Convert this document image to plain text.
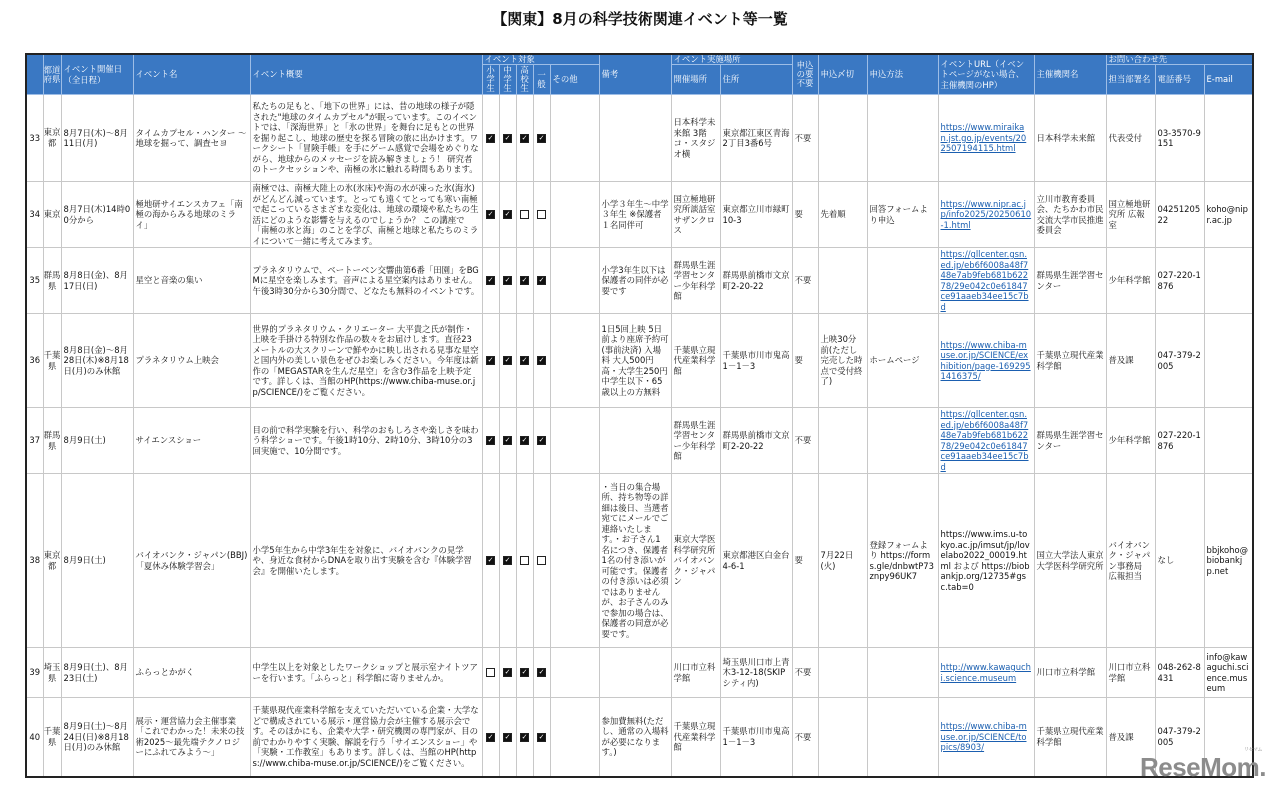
【関東】8月の科学技術関連イベント等一覧
	都道府県	イベント開催日（全日程）	イベント名	イベント概要	イベント対象					備考	イベント実施場所		申込の要不要	申込〆切	申込方法	イベントURL（イベントページがない場合、主催機関のHP）	主催機関名	お問い合わせ先		
					小学生	中学生	高校生	一般	その他		開催場所	住所						担当部署名	電話番号	E-mail
33	東京都	8月7日(木)～8月11日(月)	タイムカプセル・ハンター ～地球を掘って、調査セヨ	私たちの足もと、「地下の世界」には、昔の地球の様子が隠された"地球のタイムカプセル"が眠っています。このイベントでは、「深海世界」と「氷の世界」を舞台に足もとの世界を掘り起こし、地球の歴史を探る冒険の旅に出かけます。ワークシート「冒険手帳」を手にゲーム感覚で会場をめぐりながら、地球からのメッセージを読み解きましょう！ 研究者のトークセッションや、南極の氷に触れる時間もあります。	✓	✓	✓	✓			日本科学未来館 3階 コ・スタジオ横	東京都江東区青海2丁目3番6号	不要			https://www.miraikan.jst.go.jp/events/202507194115.html	日本科学未来館	代表受付	03-3570-9151	
34	東京	8月7日(木)14時00分から	極地研サイエンスカフェ「南極の海からみる地球のミライ」	南極では、南極大陸上の氷(氷床)や海の水が凍った氷(海氷)がどんどん減っています。とっても遠くてとっても寒い南極で起こっているさまざまな変化は、地球の環境や私たちの生活にどのような影響を与えるのでしょうか？ この講座で「南極の氷と海」のことを学び、南極と地球と私たちのミライについて一緒に考えてみます。	✓	✓				小学３年生～中学３年生 ※保護者１名同伴可	国立極地研究所談話室 サザンクロス	東京都立川市緑町10-3	要	先着順	回答フォームより申込	https://www.nipr.ac.jp/info2025/20250610-1.html	立川市教育委員会、たちかわ市民交流大学市民推進委員会	国立極地研究所 広報室	0425120522	koho@nipr.ac.jp
35	群馬県	8月8日(金)、8月17日(日)	星空と音楽の集い	プラネタリウムで、ベートーベン交響曲第6番「田園」をBGMに星空を楽しみます。音声による星空案内はありません。午後3時30分から30分間で、どなたも無料のイベントです。	✓	✓	✓	✓		小学3年生以下は保護者の同伴が必要です	群馬県生涯学習センター少年科学館	群馬県前橋市文京町2-20-22	不要			https://gllcenter.gsn.ed.jp/eb6f6008a48f748e7ab9feb681b62278/29e042c0e61847ce91aaeb34ee15c7bd	群馬県生涯学習センター	少年科学館	027-220-1876	
36	千葉県	8月8日(金)～8月28日(木)※8月18日(月)のみ休館	プラネタリウム上映会	世界的プラネタリウム・クリエーター 大平貴之氏が制作・上映を手掛ける特別な作品の数々をお届けします。直径23メートルの大スクリーンで鮮やかに映し出される見事な星空と国内外の美しい景色をぜひお楽しみください。今年度は新作の「MEGASTARを生んだ星空」を含む3作品を上映予定です。詳しくは、当館のHP(https://www.chiba-muse.or.jp/SCIENCE/)をご覧ください。	✓	✓	✓	✓		1日5回上映 5日前より座席予約可(事前決済) 入場料 大人500円 高・大学生250円 中学生以下・65歳以上の方無料	千葉県立現代産業科学館	千葉県市川市鬼高1－1－3	要	上映30分前(ただし完売した時点で受付終了)	ホームページ	https://www.chiba-muse.or.jp/SCIENCE/exhibition/page-1692951416375/	千葉県立現代産業科学館	普及課	047-379-2005	
37	群馬県	8月9日(土)	サイエンスショー	目の前で科学実験を行い、科学のおもしろさや楽しさを味わう科学ショーです。午後1時10分、2時10分、3時10分の3回実施で、10分間です。	✓	✓	✓	✓			群馬県生涯学習センター少年科学館	群馬県前橋市文京町2-20-22	不要			https://gllcenter.gsn.ed.jp/eb6f6008a48f748e7ab9feb681b62278/29e042c0e61847ce91aaeb34ee15c7bd	群馬県生涯学習センター	少年科学館	027-220-1876	
38	東京都	8月9日(土)	バイオバンク・ジャパン(BBJ)「夏休み体験学習会」	小学5年生から中学3年生を対象に、バイオバンクの見学や、身近な食材からDNAを取り出す実験を含む『体験学習会』を開催いたします。	✓	✓				・当日の集合場所、持ち物等の詳細は後日、当選者宛てにメールでご連絡いたします。・お子さん1名につき、保護者1名の付き添いが可能です。保護者の付き添いは必須ではありませんが、お子さんのみで参加の場合は、保護者の同意が必要です。	東京大学医科学研究所バイオバンク・ジャパン	東京都港区白金台4-6-1	要	7月22日(火)	登録フォームより https://forms.gle/dnbwtP73znpy96UK7	https://www.ims.u-tokyo.ac.jp/imsut/jp/lovelabo2022_00019.html および https://biobankjp.org/12735#gsc.tab=0	国立大学法人東京大学医科学研究所	バイオバンク・ジャパン事務局 広報担当	なし	bbjkoho@biobankjp.net
39	埼玉県	8月9日(土)、8月23日(土)	ふらっとかがく	中学生以上を対象としたワークショップと展示室ナイトツアーを行います。「ふらっと」科学館に寄りませんか。		✓	✓	✓			川口市立科学館	埼玉県川口市上青木3-12-18(SKIPシティ内)	不要			http://www.kawaguchi.science.museum	川口市立科学館	川口市立科学館	048-262-8431	info@kawaguchi.science.museum
40	千葉県	8月9日(土)～8月24日(日)※8月18日(月)のみ休館	展示・運営協力会主催事業「これでわかった！未来の技術2025～最先端テクノロジーにふれてみよう～」	千葉県現代産業科学館を支えていただいている企業・大学などで構成されている展示・運営協力会が主催する展示会です。そのほかにも、企業や大学・研究機関の専門家が、目の前でわかりやすく実験、解説を行う「サイエンスショー」や「実験・工作教室」もあります。詳しくは、当館のHP(https://www.chiba-muse.or.jp/SCIENCE/)をご覧ください。	✓	✓	✓	✓		参加費無料(ただし、通常の入場料が必要になります。)	千葉県立現代産業科学館	千葉県市川市鬼高1－1－3	不要			https://www.chiba-muse.or.jp/SCIENCE/topics/8903/	千葉県立現代産業科学館	普及課	047-379-2005	
リセマム
ReseMom.
